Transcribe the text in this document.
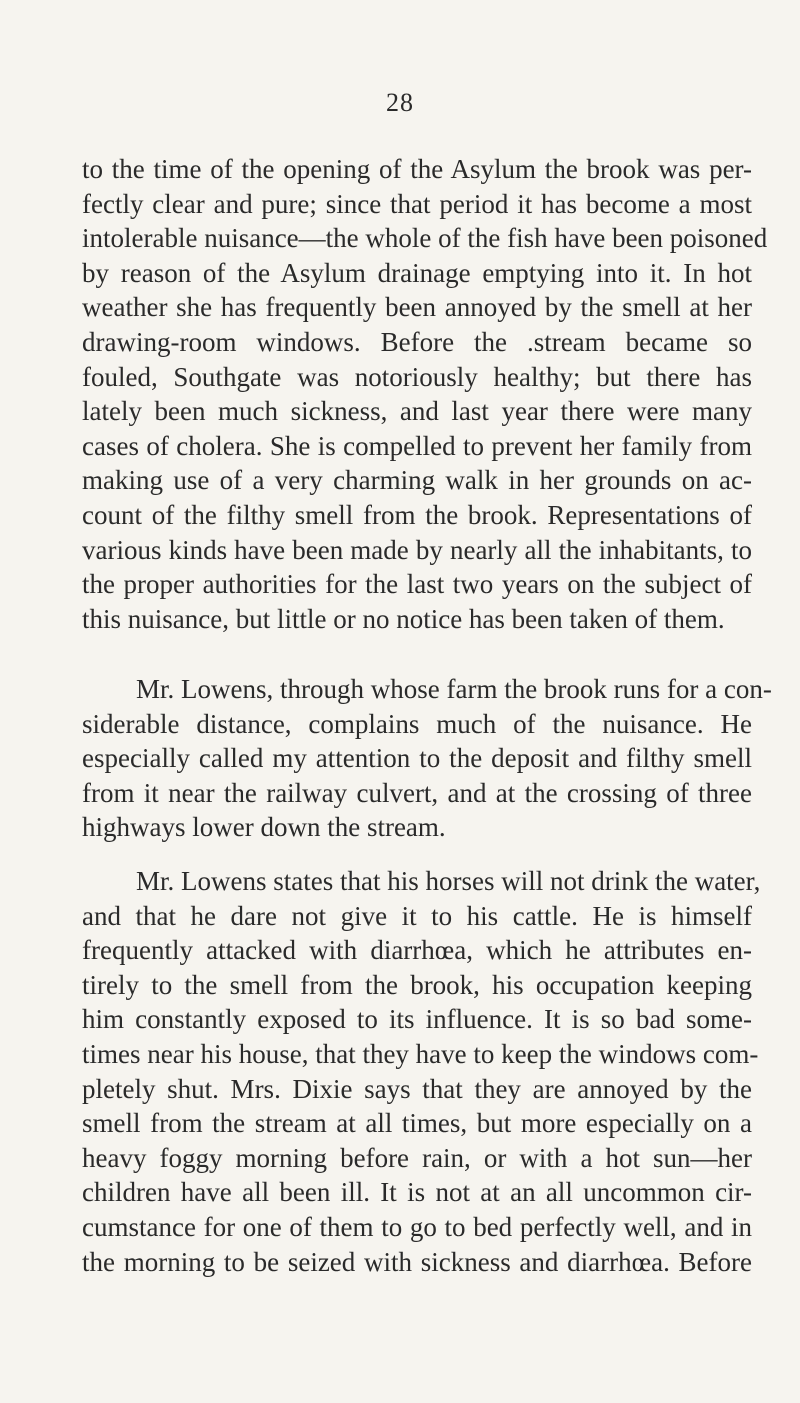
28
to the time of the opening of the Asylum the brook was per-
fectly clear and pure; since that period it has become a most
intolerable nuisance—the whole of the fish have been poisoned
by reason of the Asylum drainage emptying into it. In hot
weather she has frequently been annoyed by the smell at her
drawing-room windows. Before the .stream became so
fouled, Southgate was notoriously healthy; but there has
lately been much sickness, and last year there were many
cases of cholera. She is compelled to prevent her family from
making use of a very charming walk in her grounds on ac-
count of the filthy smell from the brook. Representations of
various kinds have been made by nearly all the inhabitants, to
the proper authorities for the last two years on the subject of
this nuisance, but little or no notice has been taken of them.
Mr. Lowens, through whose farm the brook runs for a con-
siderable distance, complains much of the nuisance. He
especially called my attention to the deposit and filthy smell
from it near the railway culvert, and at the crossing of three
highways lower down the stream.
Mr. Lowens states that his horses will not drink the water,
and that he dare not give it to his cattle. He is himself
frequently attacked with diarrhœa, which he attributes en-
tirely to the smell from the brook, his occupation keeping
him constantly exposed to its influence. It is so bad some-
times near his house, that they have to keep the windows com-
pletely shut. Mrs. Dixie says that they are annoyed by the
smell from the stream at all times, but more especially on a
heavy foggy morning before rain, or with a hot sun—her
children have all been ill. It is not at an all uncommon cir-
cumstance for one of them to go to bed perfectly well, and in
the morning to be seized with sickness and diarrhœa. Before
